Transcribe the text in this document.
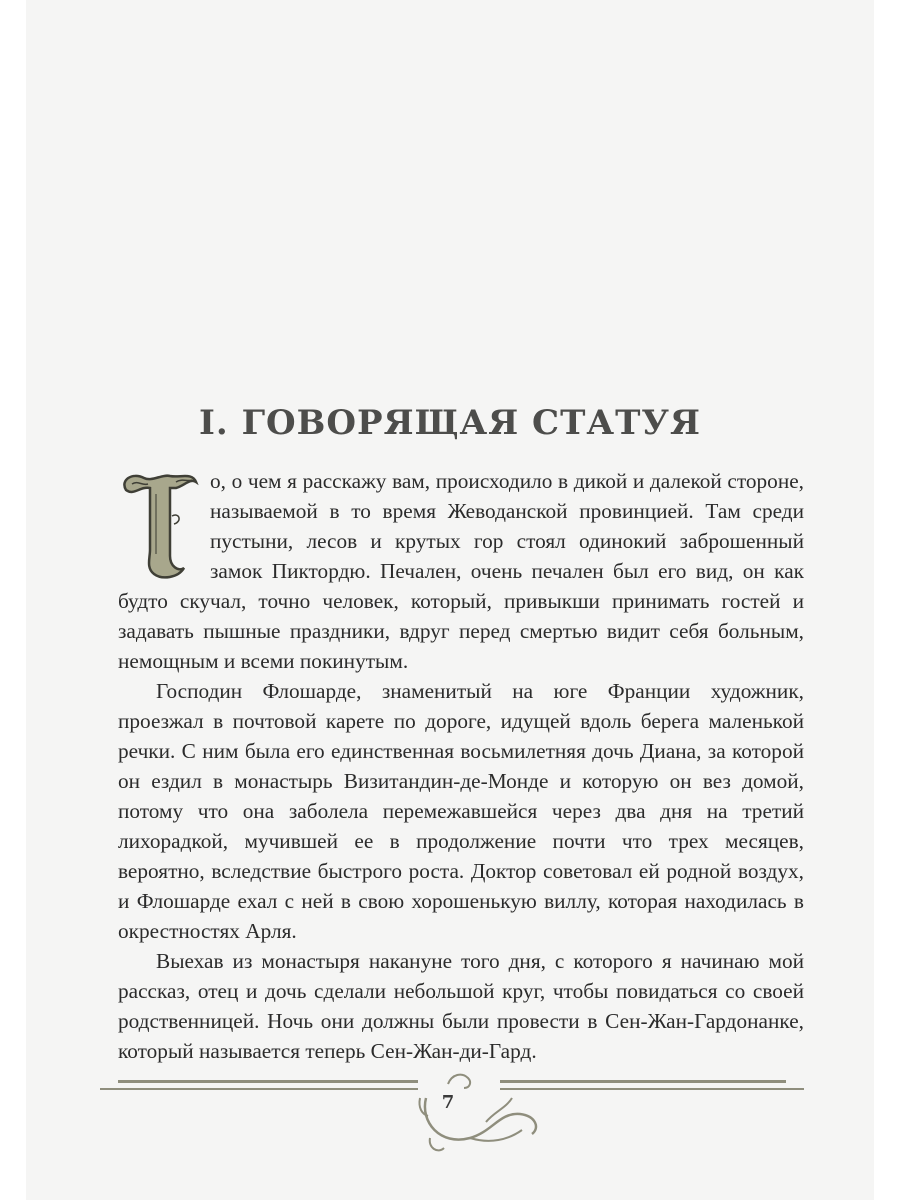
I. ГОВОРЯЩАЯ СТАТУЯ

о, о чем я расскажу вам, происходило в дикой и далекой стороне, называемой в то время Жеводанской провинцией. Там среди пустыни, лесов и крутых гор стоял одинокий заброшенный замок Пиктордю. Печален, очень печален был его вид, он как будто скучал, точно человек, который, привыкши принимать гостей и задавать пышные праздники, вдруг перед смертью видит себя больным, немощным и всеми покинутым.

Господин Флошарде, знаменитый на юге Франции художник, проезжал в почтовой карете по дороге, идущей вдоль берега маленькой речки. С ним была его единственная восьмилетняя дочь Диана, за которой он ездил в монастырь Визитандин-де-Монде и которую он вез домой, потому что она заболела перемежавшейся через два дня на третий лихорадкой, мучившей ее в продолжение почти что трех месяцев, вероятно, вследствие быстрого роста. Доктор советовал ей родной воздух, и Флошарде ехал с ней в свою хорошенькую виллу, которая находилась в окрестностях Арля.

Выехав из монастыря накануне того дня, с которого я начинаю мой рассказ, отец и дочь сделали небольшой круг, чтобы повидаться со своей родственницей. Ночь они должны были провести в Сен-Жан-Гардонанке, который называется теперь Сен-Жан-ди-Гард.

7
